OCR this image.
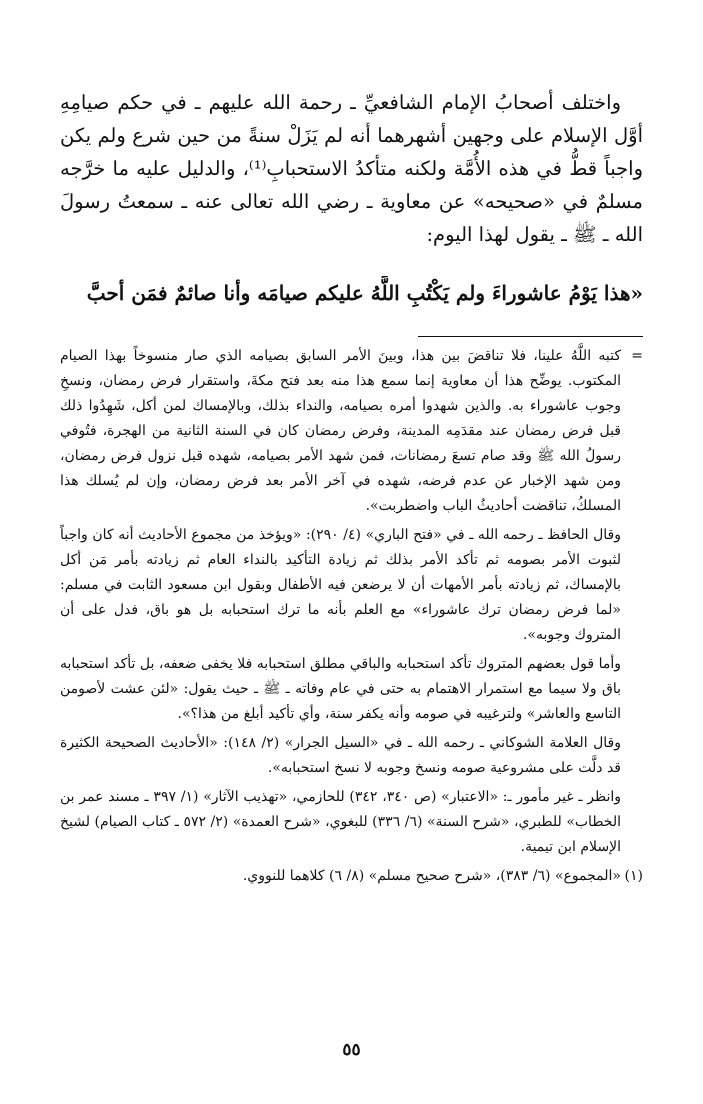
واختلف أصحابُ الإمام الشافعيِّ ـ رحمة الله عليهم ـ في حكم صيامِهِ أوَّل الإسلام على وجهين أشهرهما أنه لم يَزَلْ سنةً من حين شرع ولم يكن واجباً قطُّ في هذه الأُمَّة ولكنه متأكدُ الاستحبابِ⁽¹⁾، والدليل عليه ما خرَّجه مسلمٌ في «صحيحه» عن معاوية ـ رضي الله تعالى عنه ـ سمعتُ رسولَ الله ـ ﷺ ـ يقول لهذا اليوم:

«هذا يَوْمُ عاشوراءَ ولم يَكْتُبِ اللَّهُ عليكم صيامَه وأنا صائمٌ فمَن أحبَّ

=
كتبه اللَّهُ علينا، فلا تناقضَ بين هذا، وبينَ الأمر السابق بصيامه الذي صار منسوخاً بهذا الصيام المكتوب. يوضِّح هذا أن معاوية إنما سمع هذا منه بعد فتح مكةَ، واستقرار فرض رمضان، ونسخِ وجوب عاشوراء به. والذين شهدوا أمره بصيامه، والنداء بذلك، وبالإمساك لمن أكل، شَهِدُوا ذلك قبل فرض رمضان عند مقدَمِه المدينة، وفرض رمضان كان في السنة الثانية من الهجرة، فتُوفي رسولُ الله ﷺ وقد صام تسعَ رمضانات، فمن شهد الأمر بصيامه، شهده قبل نزول فرض رمضان، ومن شهد الإخبار عن عدم فرضه، شهده في آخر الأمر بعد فرض رمضان، وإن لم يُسلك هذا المسلكُ، تناقضت أحاديثُ الباب واضطربت».

وقال الحافظ ـ رحمه الله ـ في «فتح الباري» (٤/ ٢٩٠): «ويؤخذ من مجموع الأحاديث أنه كان واجباً لثبوت الأمر بصومه ثم تأكد الأمر بذلك ثم زيادة التأكيد بالنداء العام ثم زيادته بأمر مَن أكل بالإمساك، ثم زيادته بأمر الأمهات أن لا يرضعن فيه الأطفال وبقول ابن مسعود الثابت في مسلم: «لما فرض رمضان ترك عاشوراء» مع العلم بأنه ما ترك استحبابه بل هو باق، فدل على أن المتروك وجوبه».

وأما قول بعضهم المتروك تأكد استحبابه والباقي مطلق استحبابه فلا يخفى ضعفه، بل تأكد استحبابه باق ولا سيما مع استمرار الاهتمام به حتى في عام وفاته ـ ﷺ ـ حيث يقول: «لئن عشت لأصومن التاسع والعاشر» ولترغيبه في صومه وأنه يكفر سنة، وأي تأكيد أبلغ من هذا؟».

وقال العلامة الشوكاني ـ رحمه الله ـ في «السيل الجرار» (٢/ ١٤٨): «الأحاديث الصحيحة الكثيرة قد دلَّت على مشروعية صومه ونسخ وجوبه لا نسخ استحبابه».

وانظر ـ غير مأمور ـ: «الاعتبار» (ص ٣٤٠، ٣٤٢) للحازمي، «تهذيب الآثار» (١/ ٣٩٧ ـ مسند عمر بن الخطاب» للطبري، «شرح السنة» (٦/ ٣٣٦) للبغوي، «شرح العمدة» (٢/ ٥٧٢ ـ كتاب الصيام) لشيخ الإسلام ابن تيمية.

(١)
«المجموع» (٦/ ٣٨٣)، «شرح صحيح مسلم» (٨/ ٦) كلاهما للنووي.

٥٥
